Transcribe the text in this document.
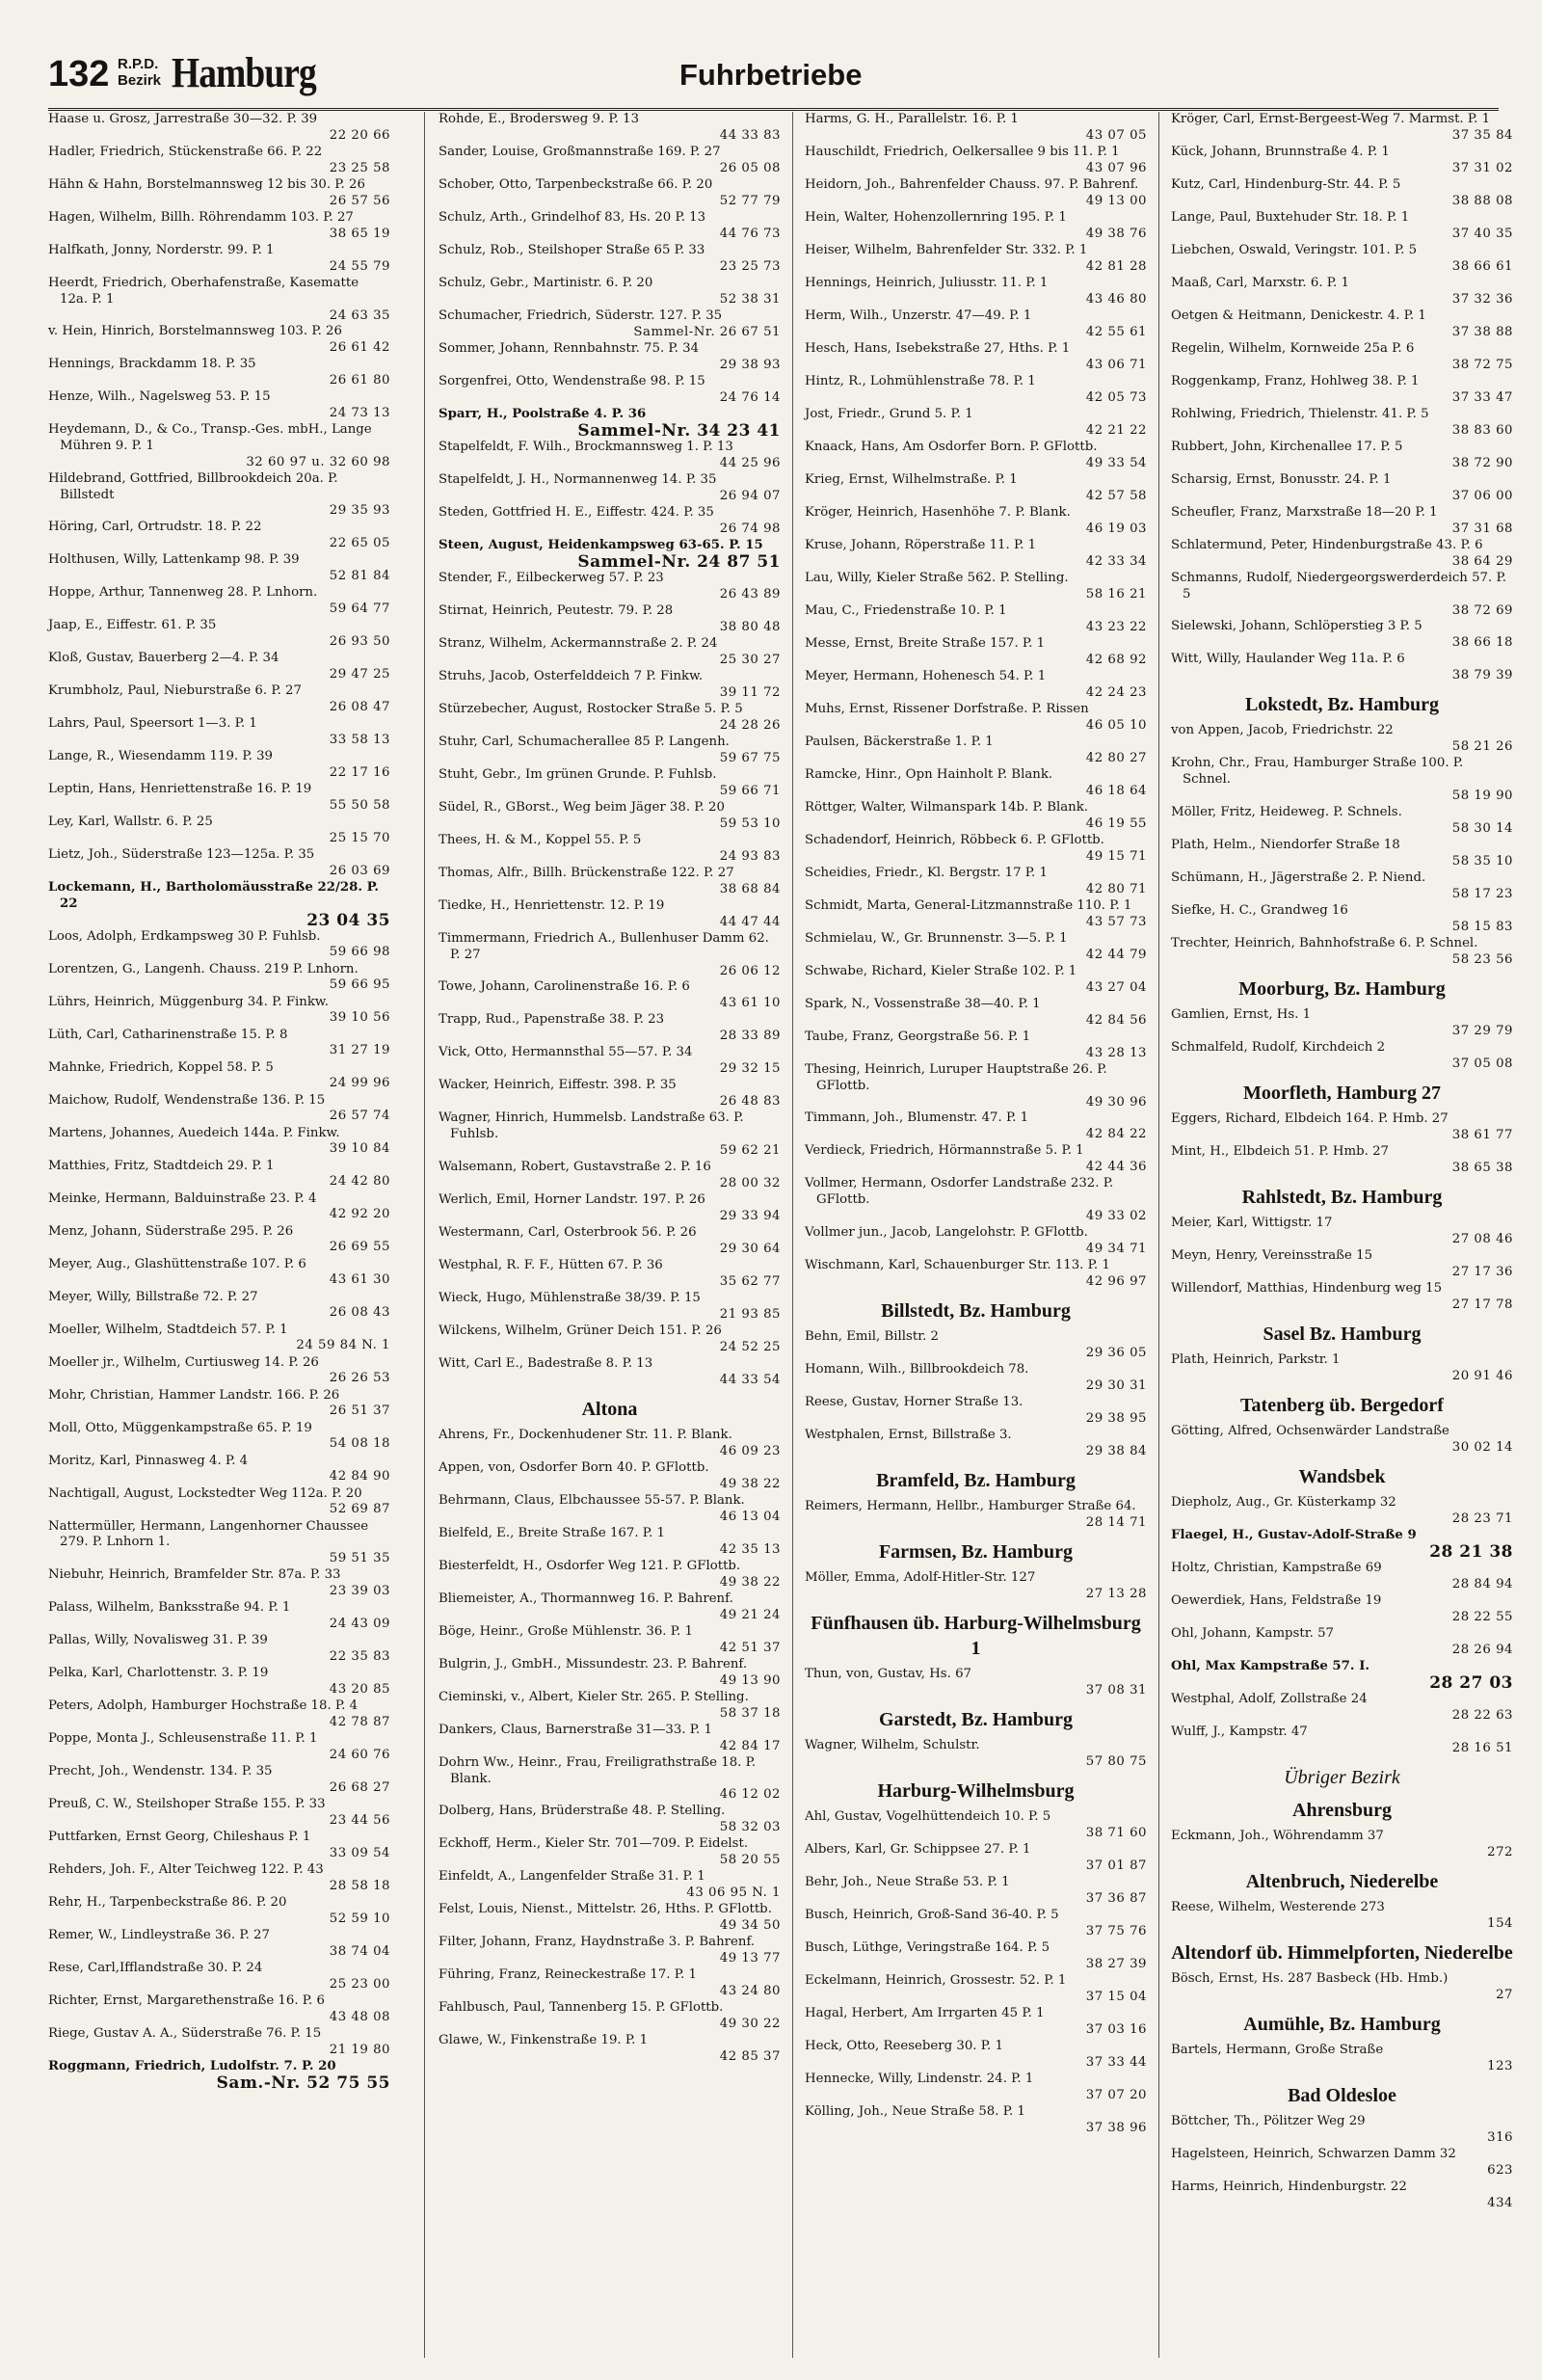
132 R.P.D.
Bezirk Hamburg	Fuhrbetriebe
Haase u. Grosz, Jarrestraße 30—32. P. 39
22 20 66
Hadler, Friedrich, Stückenstraße 66. P. 22
23 25 58
Hähn & Hahn, Borstelmannsweg 12 bis 30. P. 26
26 57 56
Hagen, Wilhelm, Billh. Röhrendamm 103. P. 27
38 65 19
Halfkath, Jonny, Norderstr. 99. P. 1
24 55 79
Heerdt, Friedrich, Oberhafenstraße, Kasematte 12a. P. 1
24 63 35
v. Hein, Hinrich, Borstelmannsweg 103. P. 26
26 61 42
Hennings, Brackdamm 18. P. 35
26 61 80
Henze, Wilh., Nagelsweg 53. P. 15
24 73 13
Heydemann, D., & Co., Transp.-Ges. mbH., Lange Mühren 9. P. 1
32 60 97 u. 32 60 98
Hildebrand, Gottfried, Billbrookdeich 20a. P. Billstedt
29 35 93
Höring, Carl, Ortrudstr. 18. P. 22
22 65 05
Holthusen, Willy, Lattenkamp 98. P. 39
52 81 84
Hoppe, Arthur, Tannenweg 28. P. Lnhorn.
59 64 77
Jaap, E., Eiffestr. 61. P. 35
26 93 50
Kloß, Gustav, Bauerberg 2—4. P. 34
29 47 25
Krumbholz, Paul, Nieburstraße 6. P. 27
26 08 47
Lahrs, Paul, Speersort 1—3. P. 1
33 58 13
Lange, R., Wiesendamm 119. P. 39
22 17 16
Leptin, Hans, Henriettenstraße 16. P. 19
55 50 58
Ley, Karl, Wallstr. 6. P. 25
25 15 70
Lietz, Joh., Süderstraße 123—125a. P. 35
26 03 69
Lockemann, H., Bartholomäusstraße 22/28. P. 22
23 04 35
Loos, Adolph, Erdkampsweg 30 P. Fuhlsb.
59 66 98
Lorentzen, G., Langenh. Chauss. 219 P. Lnhorn.
59 66 95
Lührs, Heinrich, Müggenburg 34. P. Finkw.
39 10 56
Lüth, Carl, Catharinenstraße 15. P. 8
31 27 19
Mahnke, Friedrich, Koppel 58. P. 5
24 99 96
Maichow, Rudolf, Wendenstraße 136. P. 15
26 57 74
Martens, Johannes, Auedeich 144a. P. Finkw.
39 10 84
Matthies, Fritz, Stadtdeich 29. P. 1
24 42 80
Meinke, Hermann, Balduinstraße 23. P. 4
42 92 20
Menz, Johann, Süderstraße 295. P. 26
26 69 55
Meyer, Aug., Glashüttenstraße 107. P. 6
43 61 30
Meyer, Willy, Billstraße 72. P. 27
26 08 43
Moeller, Wilhelm, Stadtdeich 57. P. 1
24 59 84 N. 1
Moeller jr., Wilhelm, Curtiusweg 14. P. 26
26 26 53
Mohr, Christian, Hammer Landstr. 166. P. 26
26 51 37
Moll, Otto, Müggenkampstraße 65. P. 19
54 08 18
Moritz, Karl, Pinnasweg 4. P. 4
42 84 90
Nachtigall, August, Lockstedter Weg 112a. P. 20
52 69 87
Nattermüller, Hermann, Langenhorner Chaussee 279. P. Lnhorn 1.
59 51 35
Niebuhr, Heinrich, Bramfelder Str. 87a. P. 33
23 39 03
Palass, Wilhelm, Banksstraße 94. P. 1
24 43 09
Pallas, Willy, Novalisweg 31. P. 39
22 35 83
Pelka, Karl, Charlottenstr. 3. P. 19
43 20 85
Peters, Adolph, Hamburger Hochstraße 18. P. 4
42 78 87
Poppe, Monta J., Schleusenstraße 11. P. 1
24 60 76
Precht, Joh., Wendenstr. 134. P. 35
26 68 27
Preuß, C. W., Steilshoper Straße 155. P. 33
23 44 56
Puttfarken, Ernst Georg, Chileshaus P. 1
33 09 54
Rehders, Joh. F., Alter Teichweg 122. P. 43
28 58 18
Rehr, H., Tarpenbeckstraße 86. P. 20
52 59 10
Remer, W., Lindleystraße 36. P. 27
38 74 04
Rese, Carl,Ifflandstraße 30. P. 24
25 23 00
Richter, Ernst, Margarethenstraße 16. P. 6
43 48 08
Riege, Gustav A. A., Süderstraße 76. P. 15
21 19 80
Roggmann, Friedrich, Ludolfstr. 7. P. 20
Sam.-Nr. 52 75 55
Rohde, E., Brodersweg 9. P. 13
44 33 83
Sander, Louise, Großmannstraße 169. P. 27
26 05 08
Schober, Otto, Tarpenbeckstraße 66. P. 20
52 77 79
Schulz, Arth., Grindelhof 83, Hs. 20 P. 13
44 76 73
Schulz, Rob., Steilshoper Straße 65 P. 33
23 25 73
Schulz, Gebr., Martinistr. 6. P. 20
52 38 31
Schumacher, Friedrich, Süderstr. 127. P. 35
Sammel-Nr. 26 67 51
Sommer, Johann, Rennbahnstr. 75. P. 34
29 38 93
Sorgenfrei, Otto, Wendenstraße 98. P. 15
24 76 14
Sparr, H., Poolstraße 4. P. 36
Sammel-Nr. 34 23 41
Stapelfeldt, F. Wilh., Brockmannsweg 1. P. 13
44 25 96
Stapelfeldt, J. H., Normannenweg 14. P. 35
26 94 07
Steden, Gottfried H. E., Eiffestr. 424. P. 35
26 74 98
Steen, August, Heidenkampsweg 63-65. P. 15
Sammel-Nr. 24 87 51
Stender, F., Eilbeckerweg 57. P. 23
26 43 89
Stirnat, Heinrich, Peutestr. 79. P. 28
38 80 48
Stranz, Wilhelm, Ackermannstraße 2. P. 24
25 30 27
Struhs, Jacob, Osterfelddeich 7 P. Finkw.
39 11 72
Stürzebecher, August, Rostocker Straße 5. P. 5
24 28 26
Stuhr, Carl, Schumacherallee 85 P. Langenh.
59 67 75
Stuht, Gebr., Im grünen Grunde. P. Fuhlsb.
59 66 71
Südel, R., GBorst., Weg beim Jäger 38. P. 20
59 53 10
Thees, H. & M., Koppel 55. P. 5
24 93 83
Thomas, Alfr., Billh. Brückenstraße 122. P. 27
38 68 84
Tiedke, H., Henriettenstr. 12. P. 19
44 47 44
Timmermann, Friedrich A., Bullenhuser Damm 62. P. 27
26 06 12
Towe, Johann, Carolinenstraße 16. P. 6
43 61 10
Trapp, Rud., Papenstraße 38. P. 23
28 33 89
Vick, Otto, Hermannsthal 55—57. P. 34
29 32 15
Wacker, Heinrich, Eiffestr. 398. P. 35
26 48 83
Wagner, Hinrich, Hummelsb. Landstraße 63. P. Fuhlsb.
59 62 21
Walsemann, Robert, Gustavstraße 2. P. 16
28 00 32
Werlich, Emil, Horner Landstr. 197. P. 26
29 33 94
Westermann, Carl, Osterbrook 56. P. 26
29 30 64
Westphal, R. F. F., Hütten 67. P. 36
35 62 77
Wieck, Hugo, Mühlenstraße 38/39. P. 15
21 93 85
Wilckens, Wilhelm, Grüner Deich 151. P. 26
24 52 25
Witt, Carl E., Badestraße 8. P. 13
44 33 54
Altona
Ahrens, Fr., Dockenhudener Str. 11. P. Blank.
46 09 23
Appen, von, Osdorfer Born 40. P. GFlottb.
49 38 22
Behrmann, Claus, Elbchaussee 55-57. P. Blank.
46 13 04
Bielfeld, E., Breite Straße 167. P. 1
42 35 13
Biesterfeldt, H., Osdorfer Weg 121. P. GFlottb.
49 38 22
Bliemeister, A., Thormannweg 16. P. Bahrenf.
49 21 24
Böge, Heinr., Große Mühlenstr. 36. P. 1
42 51 37
Bulgrin, J., GmbH., Missundestr. 23. P. Bahrenf.
49 13 90
Cieminski, v., Albert, Kieler Str. 265. P. Stelling.
58 37 18
Dankers, Claus, Barnerstraße 31—33. P. 1
42 84 17
Dohrn Ww., Heinr., Frau, Freiligrathstraße 18. P. Blank.
46 12 02
Dolberg, Hans, Brüderstraße 48. P. Stelling.
58 32 03
Eckhoff, Herm., Kieler Str. 701—709. P. Eidelst.
58 20 55
Einfeldt, A., Langenfelder Straße 31. P. 1
43 06 95 N. 1
Felst, Louis, Nienst., Mittelstr. 26, Hths. P. GFlottb.
49 34 50
Filter, Johann, Franz, Haydnstraße 3. P. Bahrenf.
49 13 77
Führing, Franz, Reineckestraße 17. P. 1
43 24 80
Fahlbusch, Paul, Tannenberg 15. P. GFlottb.
49 30 22
Glawe, W., Finkenstraße 19. P. 1
42 85 37
Harms, G. H., Parallelstr. 16. P. 1
43 07 05
Hauschildt, Friedrich, Oelkersallee 9 bis 11. P. 1
43 07 96
Heidorn, Joh., Bahrenfelder Chauss. 97. P. Bahrenf.
49 13 00
Hein, Walter, Hohenzollernring 195. P. 1
49 38 76
Heiser, Wilhelm, Bahrenfelder Str. 332. P. 1
42 81 28
Hennings, Heinrich, Juliusstr. 11. P. 1
43 46 80
Herm, Wilh., Unzerstr. 47—49. P. 1
42 55 61
Hesch, Hans, Isebekstraße 27, Hths. P. 1
43 06 71
Hintz, R., Lohmühlenstraße 78. P. 1
42 05 73
Jost, Friedr., Grund 5. P. 1
42 21 22
Knaack, Hans, Am Osdorfer Born. P. GFlottb.
49 33 54
Krieg, Ernst, Wilhelmstraße. P. 1
42 57 58
Kröger, Heinrich, Hasenhöhe 7. P. Blank.
46 19 03
Kruse, Johann, Röperstraße 11. P. 1
42 33 34
Lau, Willy, Kieler Straße 562. P. Stelling.
58 16 21
Mau, C., Friedenstraße 10. P. 1
43 23 22
Messe, Ernst, Breite Straße 157. P. 1
42 68 92
Meyer, Hermann, Hohenesch 54. P. 1
42 24 23
Muhs, Ernst, Rissener Dorfstraße. P. Rissen
46 05 10
Paulsen, Bäckerstraße 1. P. 1
42 80 27
Ramcke, Hinr., Opn Hainholt P. Blank.
46 18 64
Röttger, Walter, Wilmanspark 14b. P. Blank.
46 19 55
Schadendorf, Heinrich, Röbbeck 6. P. GFlottb.
49 15 71
Scheidies, Friedr., Kl. Bergstr. 17 P. 1
42 80 71
Schmidt, Marta, General-Litzmannstraße 110. P. 1
43 57 73
Schmielau, W., Gr. Brunnenstr. 3—5. P. 1
42 44 79
Schwabe, Richard, Kieler Straße 102. P. 1
43 27 04
Spark, N., Vossenstraße 38—40. P. 1
42 84 56
Taube, Franz, Georgstraße 56. P. 1
43 28 13
Thesing, Heinrich, Luruper Hauptstraße 26. P. GFlottb.
49 30 96
Timmann, Joh., Blumenstr. 47. P. 1
42 84 22
Verdieck, Friedrich, Hörmannstraße 5. P. 1
42 44 36
Vollmer, Hermann, Osdorfer Landstraße 232. P. GFlottb.
49 33 02
Vollmer jun., Jacob, Langelohstr. P. GFlottb.
49 34 71
Wischmann, Karl, Schauenburger Str. 113. P. 1
42 96 97
Billstedt, Bz. Hamburg
Behn, Emil, Billstr. 2
29 36 05
Homann, Wilh., Billbrookdeich 78.
29 30 31
Reese, Gustav, Horner Straße 13.
29 38 95
Westphalen, Ernst, Billstraße 3.
29 38 84
Bramfeld, Bz. Hamburg
Reimers, Hermann, Hellbr., Hamburger Straße 64.
28 14 71
Farmsen, Bz. Hamburg
Möller, Emma, Adolf-Hitler-Str. 127
27 13 28
Fünfhausen üb. Harburg-Wilhelmsburg 1
Thun, von, Gustav, Hs. 67
37 08 31
Garstedt, Bz. Hamburg
Wagner, Wilhelm, Schulstr.
57 80 75
Harburg-Wilhelmsburg
Ahl, Gustav, Vogelhüttendeich 10. P. 5
38 71 60
Albers, Karl, Gr. Schippsee 27. P. 1
37 01 87
Behr, Joh., Neue Straße 53. P. 1
37 36 87
Busch, Heinrich, Groß-Sand 36-40. P. 5
37 75 76
Busch, Lüthge, Veringstraße 164. P. 5
38 27 39
Eckelmann, Heinrich, Grossestr. 52. P. 1
37 15 04
Hagal, Herbert, Am Irrgarten 45 P. 1
37 03 16
Heck, Otto, Reeseberg 30. P. 1
37 33 44
Hennecke, Willy, Lindenstr. 24. P. 1
37 07 20
Kölling, Joh., Neue Straße 58. P. 1
37 38 96
Kröger, Carl, Ernst-Bergeest-Weg 7. Marmst. P. 1
37 35 84
Kück, Johann, Brunnstraße 4. P. 1
37 31 02
Kutz, Carl, Hindenburg-Str. 44. P. 5
38 88 08
Lange, Paul, Buxtehuder Str. 18. P. 1
37 40 35
Liebchen, Oswald, Veringstr. 101. P. 5
38 66 61
Maaß, Carl, Marxstr. 6. P. 1
37 32 36
Oetgen & Heitmann, Denickestr. 4. P. 1
37 38 88
Regelin, Wilhelm, Kornweide 25a P. 6
38 72 75
Roggenkamp, Franz, Hohlweg 38. P. 1
37 33 47
Rohlwing, Friedrich, Thielenstr. 41. P. 5
38 83 60
Rubbert, John, Kirchenallee 17. P. 5
38 72 90
Scharsig, Ernst, Bonusstr. 24. P. 1
37 06 00
Scheufler, Franz, Marxstraße 18—20 P. 1
37 31 68
Schlatermund, Peter, Hindenburgstraße 43. P. 6
38 64 29
Schmanns, Rudolf, Niedergeorgswerderdeich 57. P. 5
38 72 69
Sielewski, Johann, Schlöperstieg 3 P. 5
38 66 18
Witt, Willy, Haulander Weg 11a. P. 6
38 79 39
Lokstedt, Bz. Hamburg
von Appen, Jacob, Friedrichstr. 22
58 21 26
Krohn, Chr., Frau, Hamburger Straße 100. P. Schnel.
58 19 90
Möller, Fritz, Heideweg. P. Schnels.
58 30 14
Plath, Helm., Niendorfer Straße 18
58 35 10
Schümann, H., Jägerstraße 2. P. Niend.
58 17 23
Siefke, H. C., Grandweg 16
58 15 83
Trechter, Heinrich, Bahnhofstraße 6. P. Schnel.
58 23 56
Moorburg, Bz. Hamburg
Gamlien, Ernst, Hs. 1
37 29 79
Schmalfeld, Rudolf, Kirchdeich 2
37 05 08
Moorfleth, Hamburg 27
Eggers, Richard, Elbdeich 164. P. Hmb. 27
38 61 77
Mint, H., Elbdeich 51. P. Hmb. 27
38 65 38
Rahlstedt, Bz. Hamburg
Meier, Karl, Wittigstr. 17
27 08 46
Meyn, Henry, Vereinsstraße 15
27 17 36
Willendorf, Matthias, Hindenburg weg 15
27 17 78
Sasel Bz. Hamburg
Plath, Heinrich, Parkstr. 1
20 91 46
Tatenberg üb. Bergedorf
Götting, Alfred, Ochsenwärder Landstraße
30 02 14
Wandsbek
Diepholz, Aug., Gr. Küsterkamp 32
28 23 71
Flaegel, H., Gustav-Adolf-Straße 9
28 21 38
Holtz, Christian, Kampstraße 69
28 84 94
Oewerdiek, Hans, Feldstraße 19
28 22 55
Ohl, Johann, Kampstr. 57
28 26 94
Ohl, Max Kampstraße 57. I.
28 27 03
Westphal, Adolf, Zollstraße 24
28 22 63
Wulff, J., Kampstr. 47
28 16 51
Übriger Bezirk
Ahrensburg
Eckmann, Joh., Wöhrendamm 37
272
Altenbruch, Niederelbe
Reese, Wilhelm, Westerende 273
154
Altendorf üb. Himmelpforten, Niederelbe
Bösch, Ernst, Hs. 287 Basbeck (Hb. Hmb.)
27
Aumühle, Bz. Hamburg
Bartels, Hermann, Große Straße
123
Bad Oldesloe
Böttcher, Th., Pölitzer Weg 29
316
Hagelsteen, Heinrich, Schwarzen Damm 32
623
Harms, Heinrich, Hindenburgstr. 22
434
